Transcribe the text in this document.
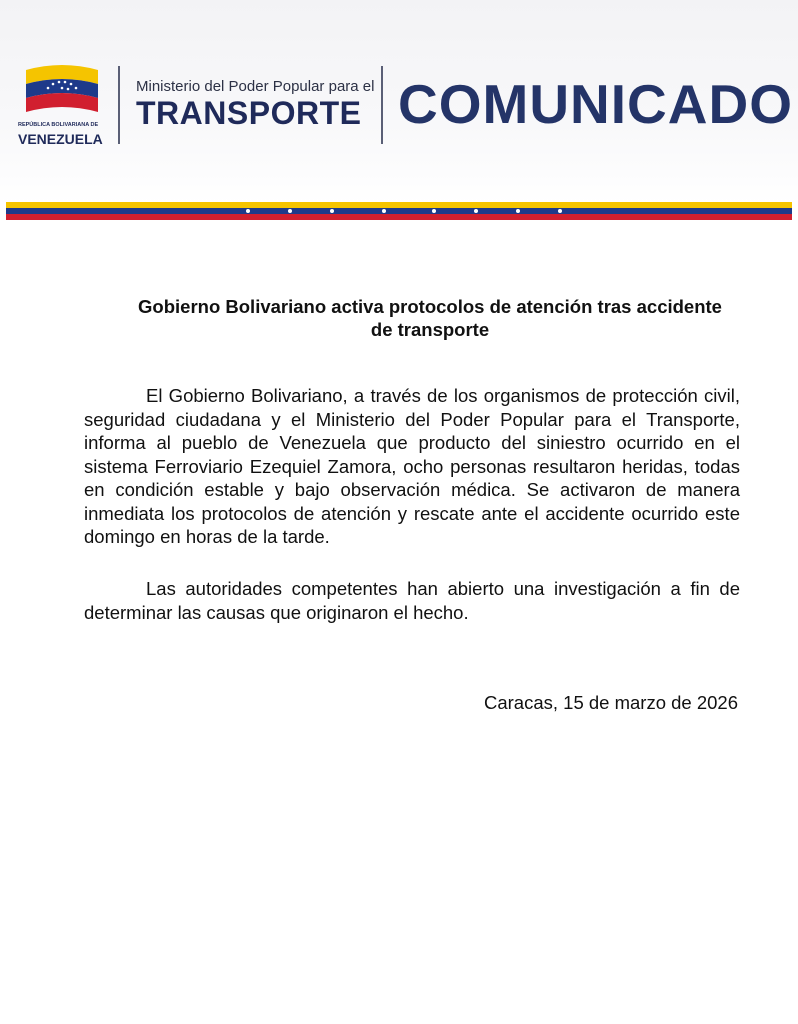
REPÚBLICA BOLIVARIANA DE
VENEZUELA
Ministerio del Poder Popular para el
TRANSPORTE COMUNICADO
Gobierno Bolivariano activa protocolos de atención tras accidente de transporte

El Gobierno Bolivariano, a través de los organismos de protección civil, seguridad ciudadana y el Ministerio del Poder Popular para el Transporte, informa al pueblo de Venezuela que producto del siniestro ocurrido en el sistema Ferroviario Ezequiel Zamora, ocho personas resultaron heridas, todas en condición estable y bajo observación médica. Se activaron de manera inmediata los protocolos de atención y rescate ante el accidente ocurrido este domingo en horas de la tarde.

Las autoridades competentes han abierto una investigación a fin de determinar las causas que originaron el hecho.

Caracas, 15 de marzo de 2026
